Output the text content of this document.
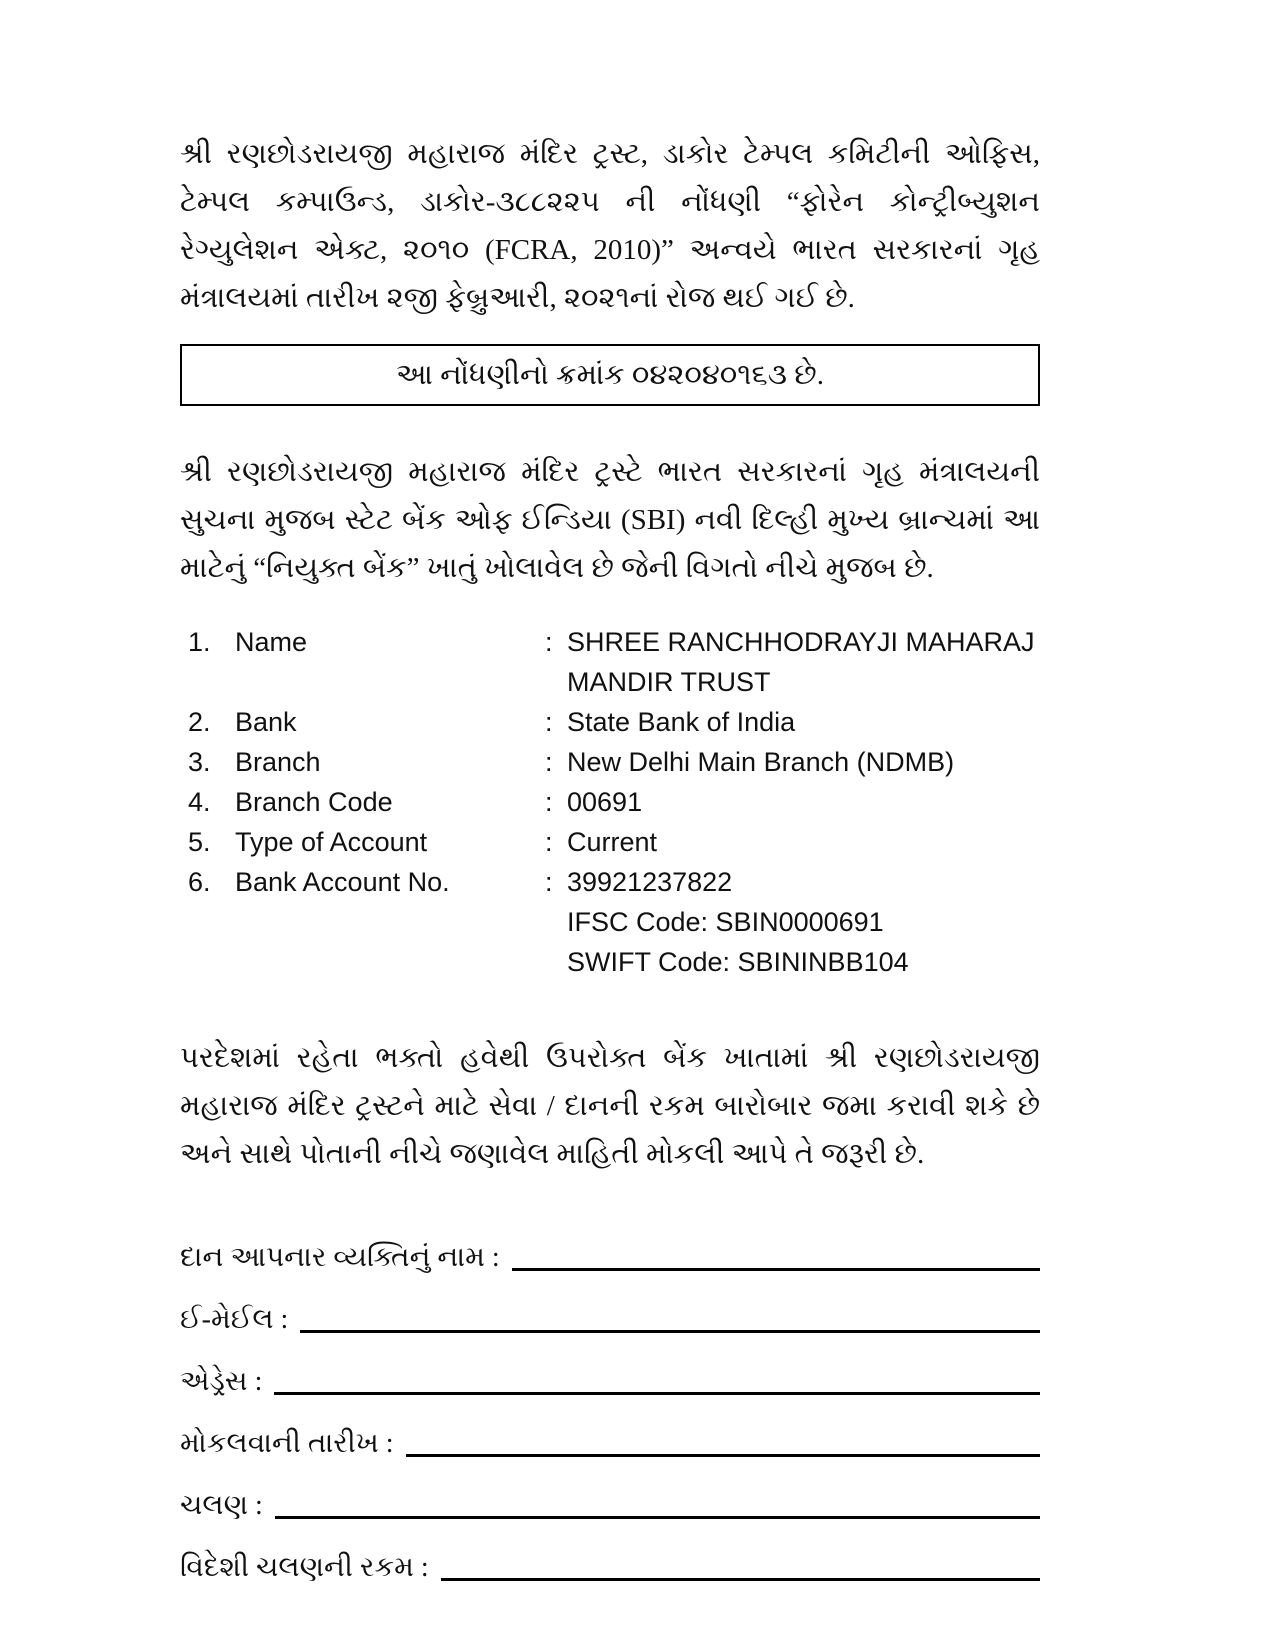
શ્રી રણછોડરાયજી મહારાજ મંદિર ટ્રસ્ટ, ડાકોર ટેમ્પલ કમિટીની ઓફિસ, ટેમ્પલ કમ્પાઉન્ડ, ડાકોર-૩૮૮૨૨૫ ની નોંધણી “ફોરેન કોન્ટ્રીબ્યુશન રેગ્યુલેશન એક્ટ, ૨૦૧૦ (FCRA, 2010)” અન્વયે ભારત સરકારનાં ગૃહ મંત્રાલયમાં તારીખ ૨જી ફેબ્રુઆરી, ૨૦૨૧નાં રોજ થઈ ગઈ છે.

આ નોંધણીનો ક્રમાંક ૦૪૨૦૪૦૧૬૩ છે.

શ્રી રણછોડરાયજી મહારાજ મંદિર ટ્રસ્ટે ભારત સરકારનાં ગૃહ મંત્રાલયની સુચના મુજબ સ્ટેટ બેંક ઓફ ઈન્ડિયા (SBI) નવી દિલ્હી મુખ્ય બ્રાન્ચમાં આ માટેનું “નિયુક્ત બેંક” ખાતું ખોલાવેલ છે જેની વિગતો નીચે મુજબ છે.

1. Name	: SHREE RANCHHODRAYJI MAHARAJ MANDIR TRUST
2. Bank	: State Bank of India
3. Branch	: New Delhi Main Branch (NDMB)
4. Branch Code	: 00691
5. Type of Account	: Current
6. Bank Account No.	: 39921237822
IFSC Code: SBIN0000691
SWIFT Code: SBININBB104

પરદેશમાં રહેતા ભક્તો હવેથી ઉપરોક્ત બેંક ખાતામાં શ્રી રણછોડરાયજી મહારાજ મંદિર ટ્રસ્ટને માટે સેવા / દાનની રકમ બારોબાર જમા કરાવી શકે છે અને સાથે પોતાની નીચે જણાવેલ માહિતી મોકલી આપે તે જરૂરી છે.

દાન આપનાર વ્યક્તિનું નામ :
ઈ-મેઈલ :
એડ્રેસ :
મોકલવાની તારીખ :
ચલણ :
વિદેશી ચલણની રકમ :
